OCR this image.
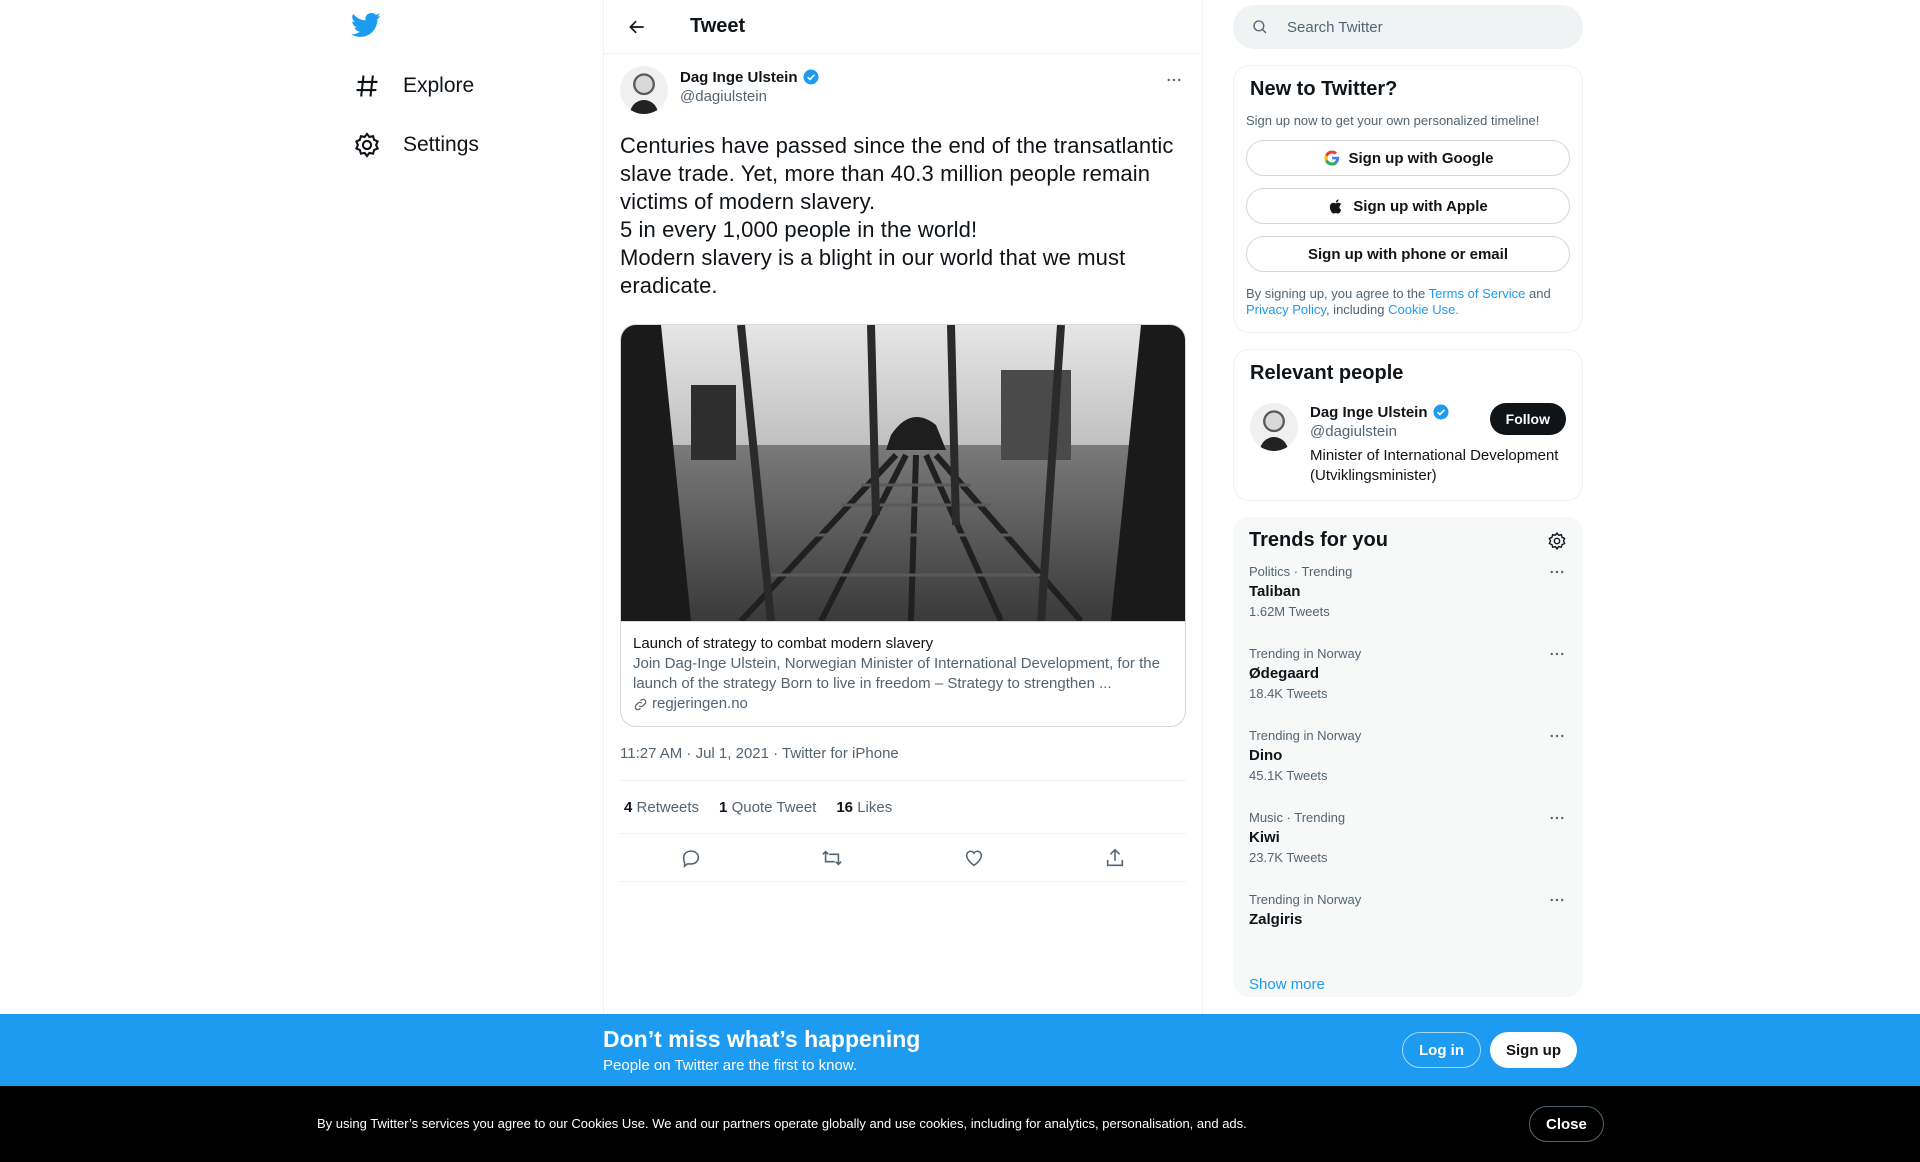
Explore
Settings
Tweet
Dag Inge Ulstein
@dagiulstein
Centuries have passed since the end of the transatlantic slave trade. Yet, more than 40.3 million people remain victims of modern slavery.
5 in every 1,000 people in the world!
Modern slavery is a blight in our world that we must eradicate.
Launch of strategy to combat modern slavery
Join Dag-Inge Ulstein, Norwegian Minister of International Development, for the launch of the strategy Born to live in freedom – Strategy to strengthen ...
regjeringen.no
11:27 AM · Jul 1, 2021 · Twitter for iPhone
4 Retweets 1 Quote Tweet 16 Likes
Search Twitter
New to Twitter?
Sign up now to get your own personalized timeline!
Sign up with Google
Sign up with Apple
Sign up with phone or email
By signing up, you agree to the Terms of Service and
Privacy Policy, including Cookie Use.
Relevant people
Dag Inge Ulstein
@dagiulstein
Minister of International Development (Utviklingsminister)
Follow
Trends for you
Politics · Trending
Taliban
1.62M Tweets
Trending in Norway
Ødegaard
18.4K Tweets
Trending in Norway
Dino
45.1K Tweets
Music · Trending
Kiwi
23.7K Tweets
Trending in Norway
Zalgiris
Show more
Don’t miss what’s happening
People on Twitter are the first to know.
Log in	Sign up
By using Twitter’s services you agree to our Cookies Use. We and our partners operate globally and use cookies, including for analytics, personalisation, and ads.	Close
